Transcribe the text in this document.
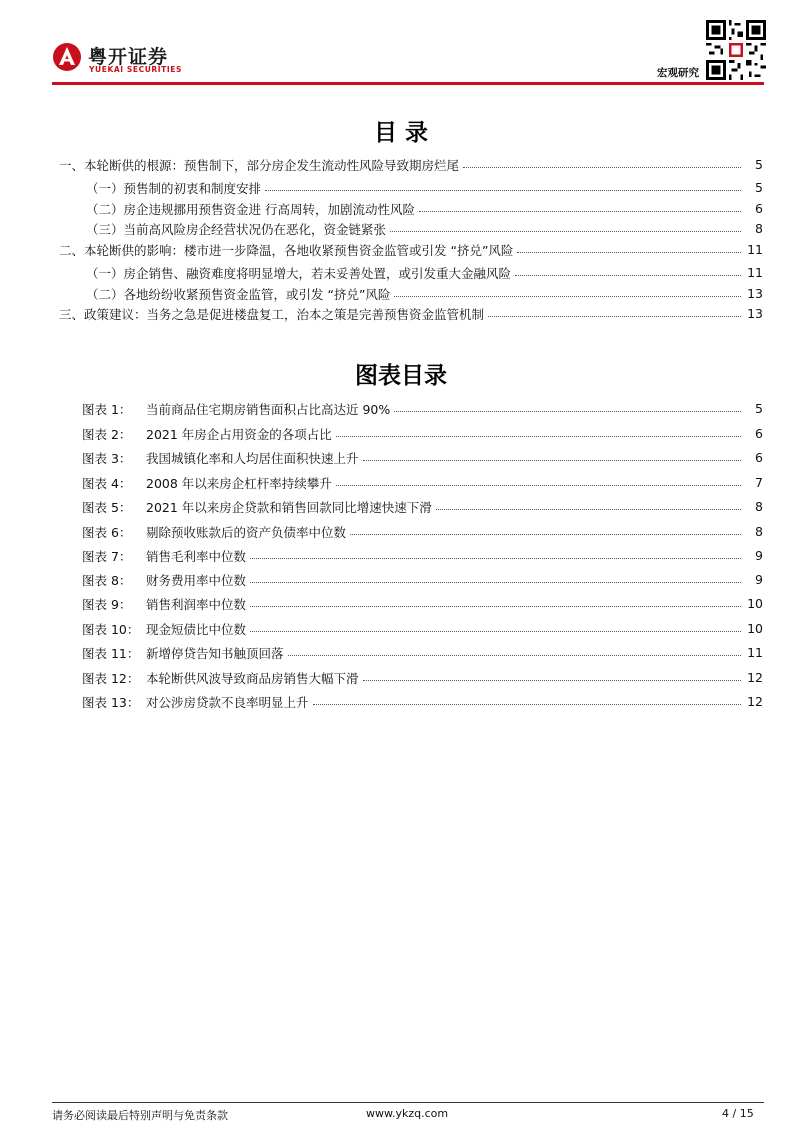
粤开证券
YUEKAI SECURITIES	宏观研究
目 录
一、本轮断供的根源：预售制下，部分房企发生流动性风险导致期房烂尾	5
（一）预售制的初衷和制度安排	5
（二）房企违规挪用预售资金进 行高周转，加剧流动性风险	6
（三）当前高风险房企经营状况仍在恶化，资金链紧张	8
二、本轮断供的影响：楼市进一步降温，各地收紧预售资金监管或引发 “挤兑”风险	11
（一）房企销售、融资难度将明显增大，若未妥善处置，或引发重大金融风险	11
（二）各地纷纷收紧预售资金监管，或引发 “挤兑”风险	13
三、政策建议：当务之急是促进楼盘复工，治本之策是完善预售资金监管机制	13
图表目录
图表 1：	当前商品住宅期房销售面积占比高达近 90%	5
图表 2：	2021 年房企占用资金的各项占比	6
图表 3：	我国城镇化率和人均居住面积快速上升	6
图表 4：	2008 年以来房企杠杆率持续攀升	7
图表 5：	2021 年以来房企贷款和销售回款同比增速快速下滑	8
图表 6：	剔除预收账款后的资产负债率中位数	8
图表 7：	销售毛利率中位数	9
图表 8：	财务费用率中位数	9
图表 9：	销售利润率中位数	10
图表 10： 现金短债比中位数	10
图表 11： 新增停贷告知书触顶回落	11
图表 12： 本轮断供风波导致商品房销售大幅下滑	12
图表 13： 对公涉房贷款不良率明显上升	12
请务必阅读最后特别声明与免责条款	www.ykzq.com	4 / 15
